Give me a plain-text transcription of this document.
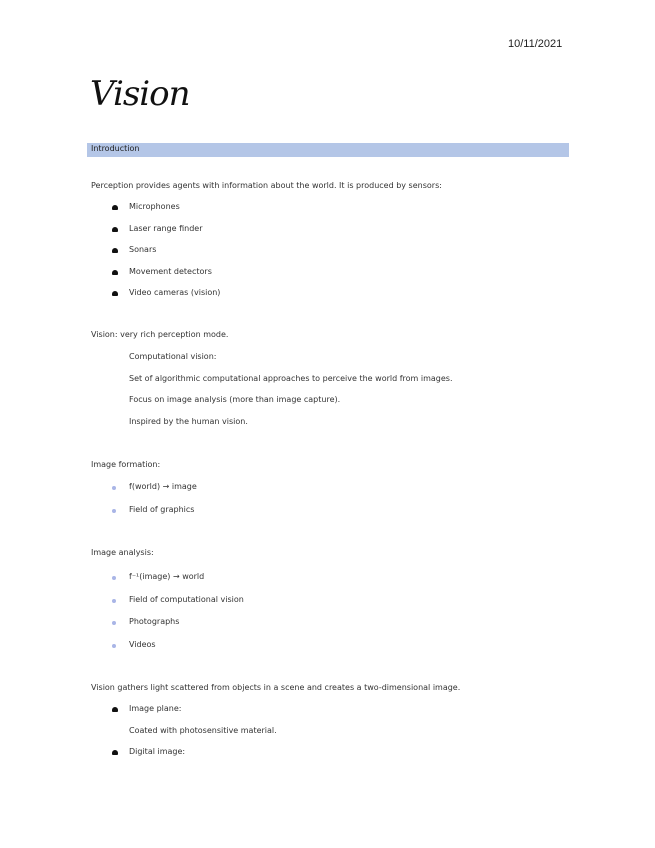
10/11/2021
Vision
Introduction
Perception provides agents with information about the world. It is produced by sensors:
Microphones
Laser range finder
Sonars
Movement detectors
Video cameras (vision)
Vision: very rich perception mode.
Computational vision:
Set of algorithmic computational approaches to perceive the world from images.
Focus on image analysis (more than image capture).
Inspired by the human vision.
Image formation:
f(world) → image
Field of graphics
Image analysis:
f⁻¹(image) → world
Field of computational vision
Photographs
Videos
Vision gathers light scattered from objects in a scene and creates a two-dimensional image.
Image plane:
Coated with photosensitive material.
Digital image:
